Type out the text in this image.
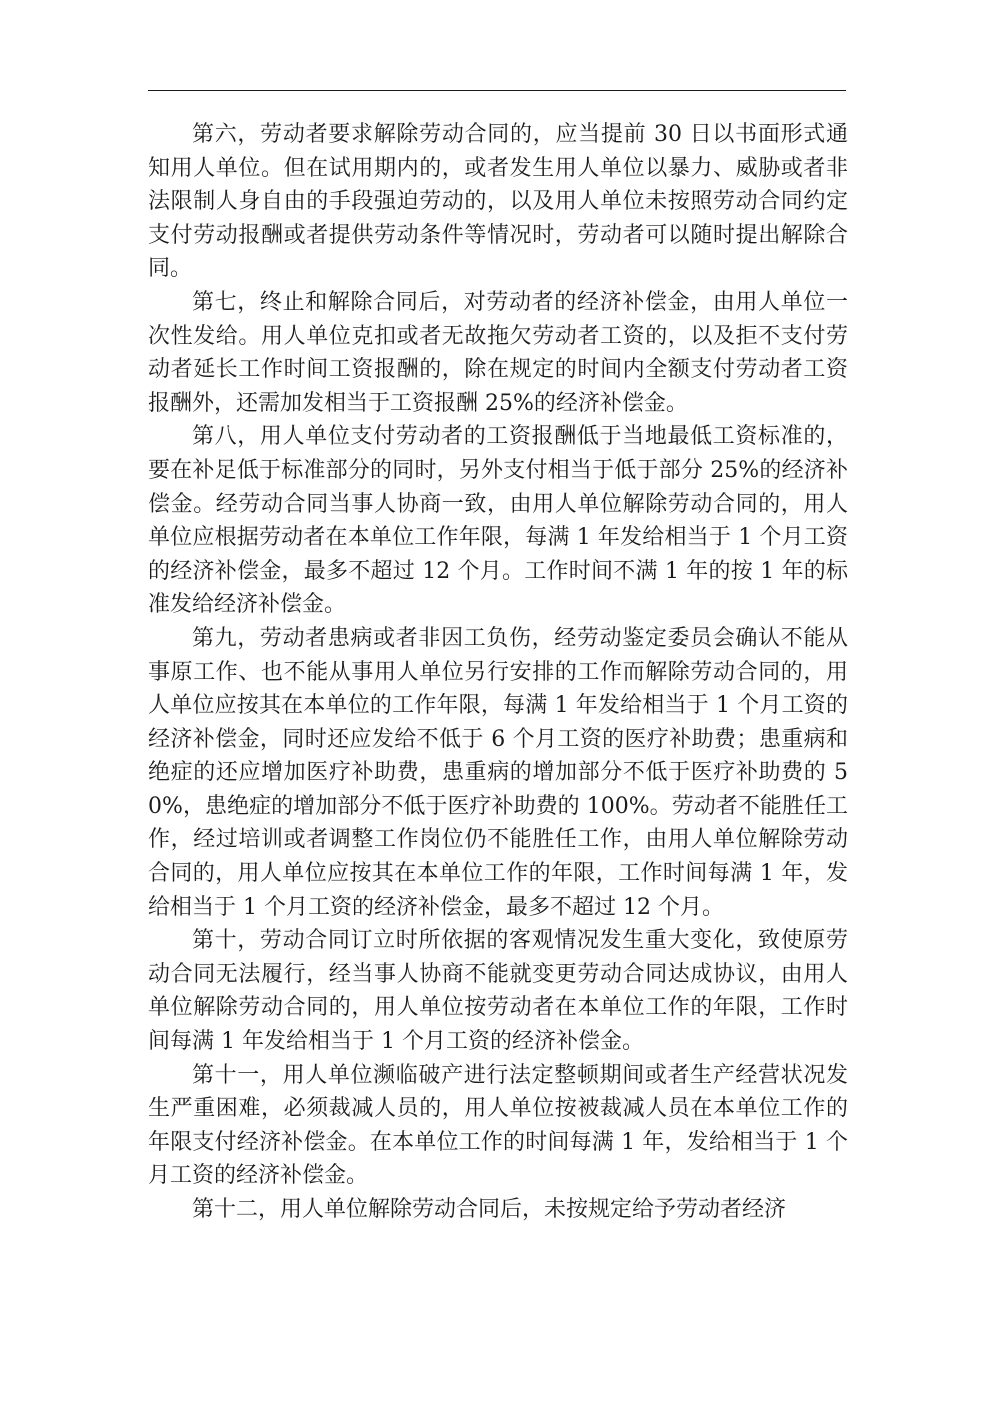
第六，劳动者要求解除劳动合同的，应当提前 30 日以书面形式通知用人单位。但在试用期内的，或者发生用人单位以暴力、威胁或者非法限制人身自由的手段强迫劳动的，以及用人单位未按照劳动合同约定支付劳动报酬或者提供劳动条件等情况时，劳动者可以随时提出解除合同。

第七，终止和解除合同后，对劳动者的经济补偿金，由用人单位一次性发给。用人单位克扣或者无故拖欠劳动者工资的，以及拒不支付劳动者延长工作时间工资报酬的，除在规定的时间内全额支付劳动者工资报酬外，还需加发相当于工资报酬 25%的经济补偿金。

第八，用人单位支付劳动者的工资报酬低于当地最低工资标准的，要在补足低于标准部分的同时，另外支付相当于低于部分 25%的经济补偿金。经劳动合同当事人协商一致，由用人单位解除劳动合同的，用人单位应根据劳动者在本单位工作年限，每满 1 年发给相当于 1 个月工资的经济补偿金，最多不超过 12 个月。工作时间不满 1 年的按 1 年的标准发给经济补偿金。

第九，劳动者患病或者非因工负伤，经劳动鉴定委员会确认不能从事原工作、也不能从事用人单位另行安排的工作而解除劳动合同的，用人单位应按其在本单位的工作年限，每满 1 年发给相当于 1 个月工资的经济补偿金，同时还应发给不低于 6 个月工资的医疗补助费；患重病和绝症的还应增加医疗补助费，患重病的增加部分不低于医疗补助费的 50%，患绝症的增加部分不低于医疗补助费的 100%。劳动者不能胜任工作，经过培训或者调整工作岗位仍不能胜任工作，由用人单位解除劳动合同的，用人单位应按其在本单位工作的年限，工作时间每满 1 年，发给相当于 1 个月工资的经济补偿金，最多不超过 12 个月。

第十，劳动合同订立时所依据的客观情况发生重大变化，致使原劳动合同无法履行，经当事人协商不能就变更劳动合同达成协议，由用人单位解除劳动合同的，用人单位按劳动者在本单位工作的年限，工作时间每满 1 年发给相当于 1 个月工资的经济补偿金。

第十一，用人单位濒临破产进行法定整顿期间或者生产经营状况发生严重困难，必须裁减人员的，用人单位按被裁减人员在本单位工作的年限支付经济补偿金。在本单位工作的时间每满 1 年，发给相当于 1 个月工资的经济补偿金。

第十二，用人单位解除劳动合同后，未按规定给予劳动者经济
